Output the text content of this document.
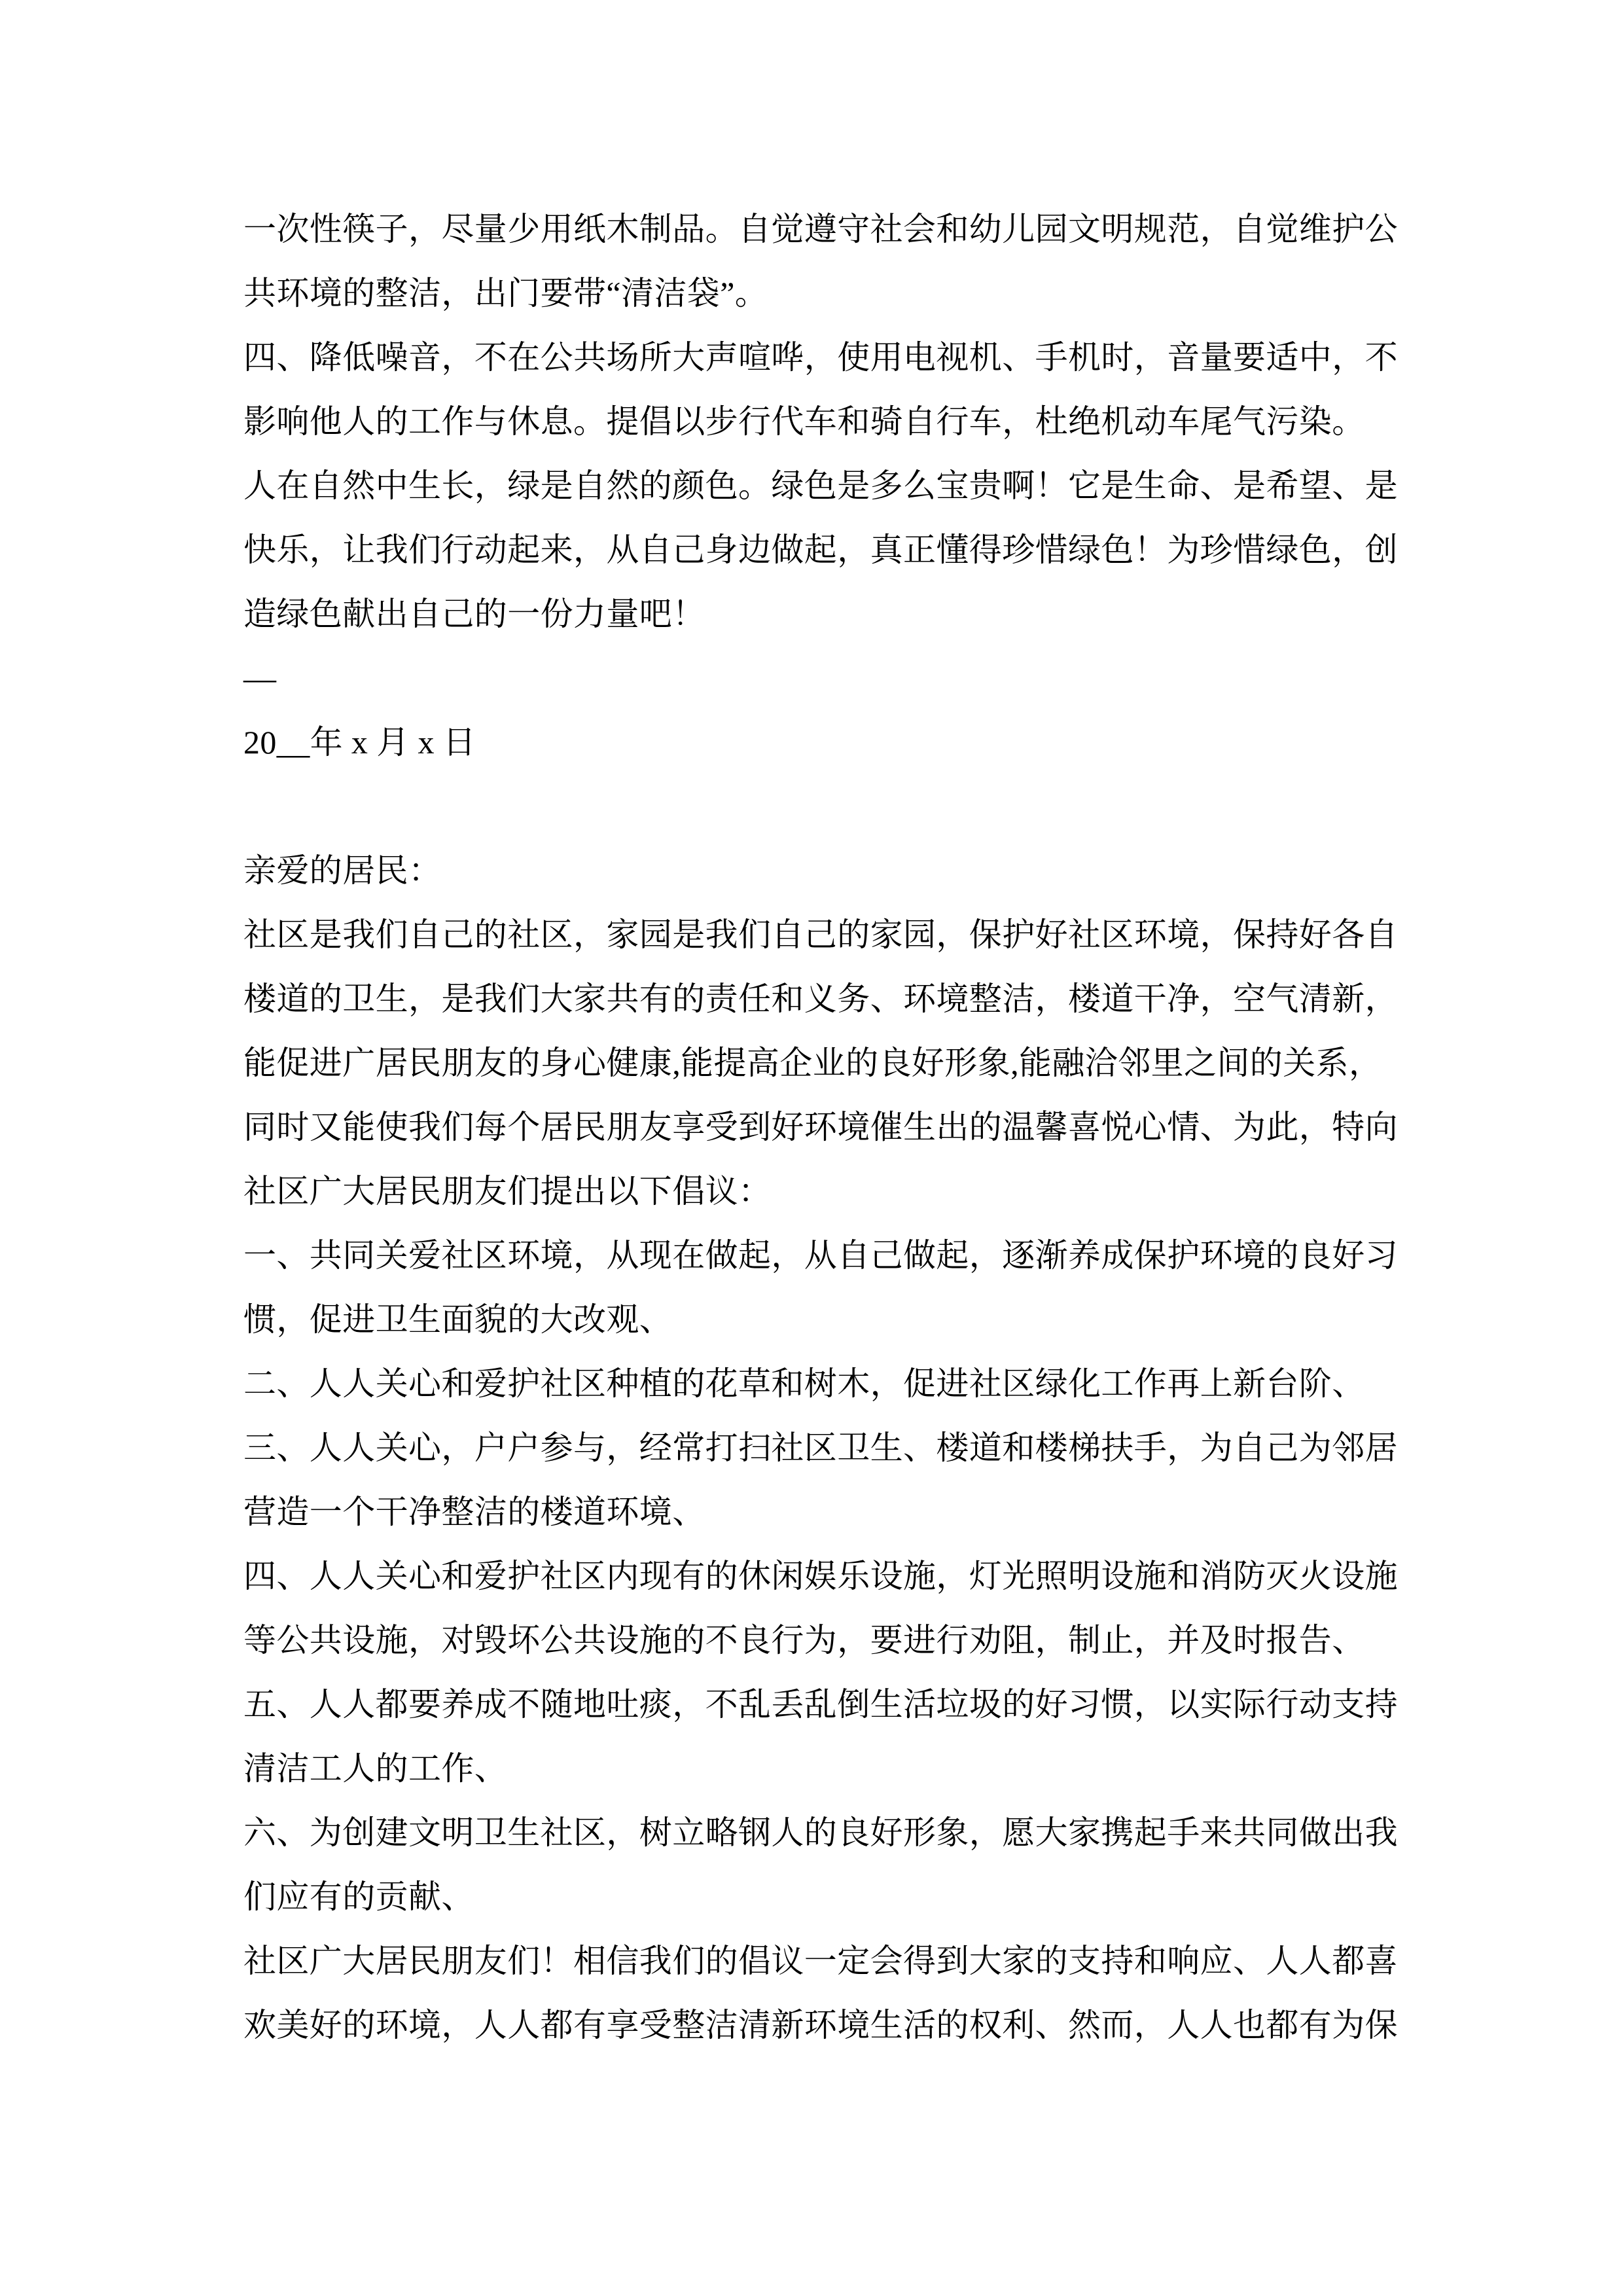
一次性筷子，尽量少用纸木制品。自觉遵守社会和幼儿园文明规范，自觉维护公
共环境的整洁，出门要带“清洁袋”。
四、降低噪音，不在公共场所大声喧哗，使用电视机、手机时，音量要适中，不
影响他人的工作与休息。提倡以步行代车和骑自行车，杜绝机动车尾气污染。
人在自然中生长，绿是自然的颜色。绿色是多么宝贵啊！它是生命、是希望、是
快乐，让我们行动起来，从自己身边做起，真正懂得珍惜绿色！为珍惜绿色，创
造绿色献出自己的一份力量吧！
—
20__年 x 月 x 日

亲爱的居民：
社区是我们自己的社区，家园是我们自己的家园，保护好社区环境，保持好各自
楼道的卫生，是我们大家共有的责任和义务、环境整洁，楼道干净，空气清新，
能促进广居民朋友的身心健康,能提高企业的良好形象,能融洽邻里之间的关系，
同时又能使我们每个居民朋友享受到好环境催生出的温馨喜悦心情、为此，特向
社区广大居民朋友们提出以下倡议：
一、共同关爱社区环境，从现在做起，从自己做起，逐渐养成保护环境的良好习
惯，促进卫生面貌的大改观、
二、人人关心和爱护社区种植的花草和树木，促进社区绿化工作再上新台阶、
三、人人关心，户户参与，经常打扫社区卫生、楼道和楼梯扶手，为自己为邻居
营造一个干净整洁的楼道环境、
四、人人关心和爱护社区内现有的休闲娱乐设施，灯光照明设施和消防灭火设施
等公共设施，对毁坏公共设施的不良行为，要进行劝阻，制止，并及时报告、
五、人人都要养成不随地吐痰，不乱丢乱倒生活垃圾的好习惯，以实际行动支持
清洁工人的工作、
六、为创建文明卫生社区，树立略钢人的良好形象，愿大家携起手来共同做出我
们应有的贡献、
社区广大居民朋友们！相信我们的倡议一定会得到大家的支持和响应、人人都喜
欢美好的环境，人人都有享受整洁清新环境生活的权利、然而，人人也都有为保
